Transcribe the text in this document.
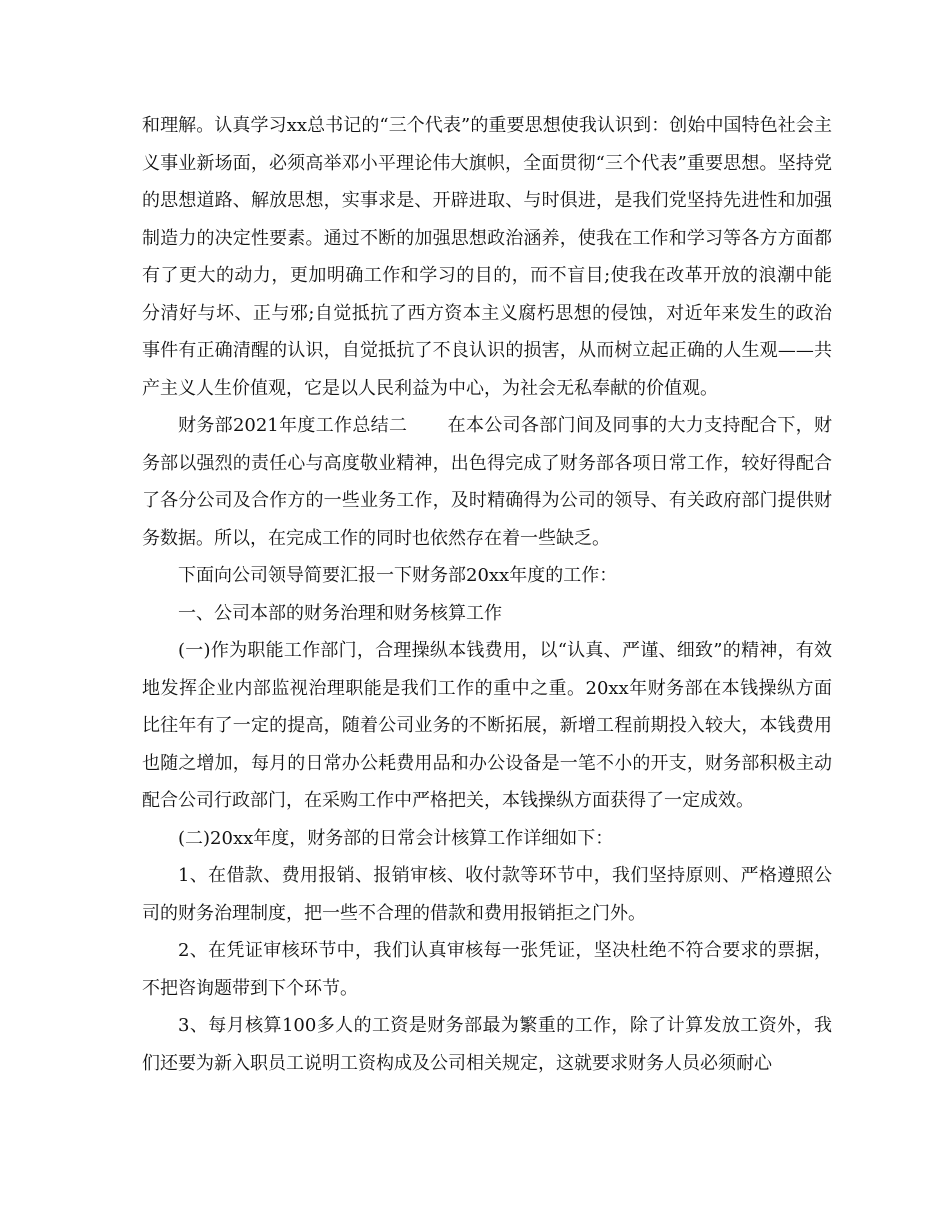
和理解。认真学习xx总书记的“三个代表”的重要思想使我认识到：创始中国特色社会主义事业新场面，必须高举邓小平理论伟大旗帜，全面贯彻“三个代表”重要思想。坚持党的思想道路、解放思想，实事求是、开辟进取、与时俱进，是我们党坚持先进性和加强制造力的决定性要素。通过不断的加强思想政治涵养，使我在工作和学习等各方方面都有了更大的动力，更加明确工作和学习的目的，而不盲目;使我在改革开放的浪潮中能分清好与坏、正与邪;自觉抵抗了西方资本主义腐朽思想的侵蚀，对近年来发生的政治事件有正确清醒的认识，自觉抵抗了不良认识的损害，从而树立起正确的人生观——共产主义人生价值观，它是以人民利益为中心，为社会无私奉献的价值观。

财务部2021年度工作总结二 在本公司各部门间及同事的大力支持配合下，财务部以强烈的责任心与高度敬业精神，出色得完成了财务部各项日常工作，较好得配合了各分公司及合作方的一些业务工作，及时精确得为公司的领导、有关政府部门提供财务数据。所以，在完成工作的同时也依然存在着一些缺乏。

下面向公司领导简要汇报一下财务部20xx年度的工作：

一、公司本部的财务治理和财务核算工作

(一)作为职能工作部门，合理操纵本钱费用，以“认真、严谨、细致”的精神，有效地发挥企业内部监视治理职能是我们工作的重中之重。20xx年财务部在本钱操纵方面比往年有了一定的提高，随着公司业务的不断拓展，新增工程前期投入较大，本钱费用也随之增加，每月的日常办公耗费用品和办公设备是一笔不小的开支，财务部积极主动配合公司行政部门，在采购工作中严格把关，本钱操纵方面获得了一定成效。

(二)20xx年度，财务部的日常会计核算工作详细如下：

1、在借款、费用报销、报销审核、收付款等环节中，我们坚持原则、严格遵照公司的财务治理制度，把一些不合理的借款和费用报销拒之门外。

2、在凭证审核环节中，我们认真审核每一张凭证，坚决杜绝不符合要求的票据，不把咨询题带到下个环节。

3、每月核算100多人的工资是财务部最为繁重的工作，除了计算发放工资外，我们还要为新入职员工说明工资构成及公司相关规定，这就要求财务人员必须耐心
